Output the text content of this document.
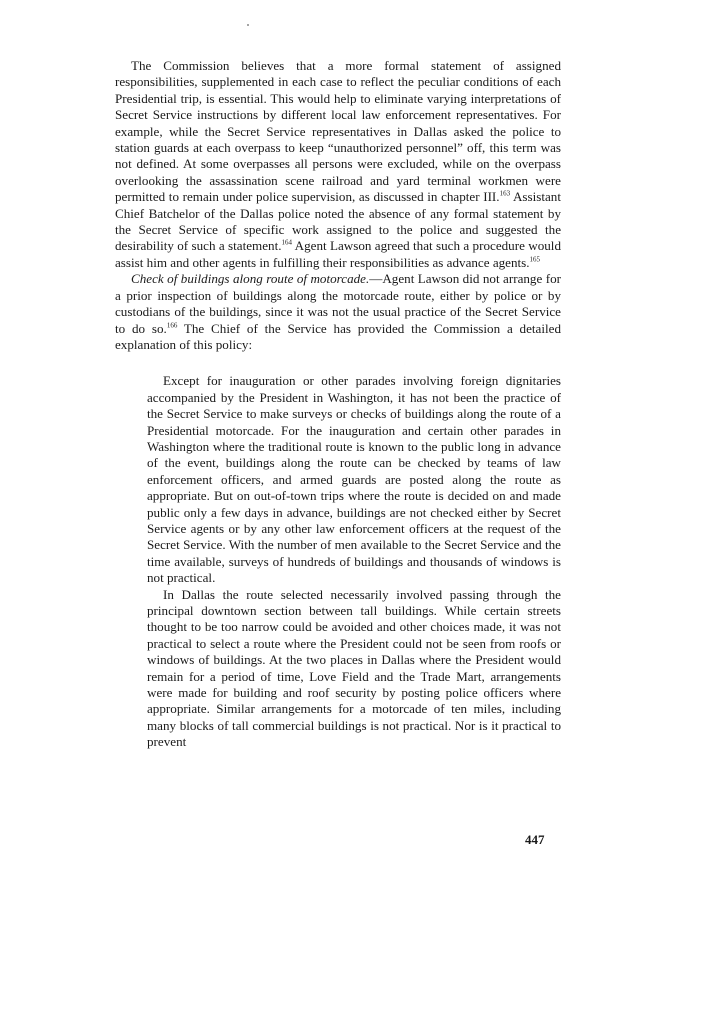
The Commission believes that a more formal statement of assigned responsibilities, supplemented in each case to reflect the peculiar conditions of each Presidential trip, is essential. This would help to eliminate varying interpretations of Secret Service instructions by different local law enforcement representatives. For example, while the Secret Service representatives in Dallas asked the police to station guards at each overpass to keep “unauthorized personnel” off, this term was not defined. At some overpasses all persons were excluded, while on the overpass overlooking the assassination scene railroad and yard terminal workmen were permitted to remain under police supervision, as discussed in chapter III.$^{163}$ Assistant Chief Batchelor of the Dallas police noted the absence of any formal statement by the Secret Service of specific work assigned to the police and suggested the desirability of such a statement.$^{164}$ Agent Lawson agreed that such a procedure would assist him and other agents in fulfilling their responsibilities as advance agents.$^{165}$

Check of buildings along route of motorcade.—Agent Lawson did not arrange for a prior inspection of buildings along the motorcade route, either by police or by custodians of the buildings, since it was not the usual practice of the Secret Service to do so.$^{166}$ The Chief of the Service has provided the Commission a detailed explanation of this policy:

Except for inauguration or other parades involving foreign dignitaries accompanied by the President in Washington, it has not been the practice of the Secret Service to make surveys or checks of buildings along the route of a Presidential motorcade. For the inauguration and certain other parades in Washington where the traditional route is known to the public long in advance of the event, buildings along the route can be checked by teams of law enforcement officers, and armed guards are posted along the route as appropriate. But on out-of-town trips where the route is decided on and made public only a few days in advance, buildings are not checked either by Secret Service agents or by any other law enforcement officers at the request of the Secret Service. With the number of men available to the Secret Service and the time available, surveys of hundreds of buildings and thousands of windows is not practical.

In Dallas the route selected necessarily involved passing through the principal downtown section between tall buildings. While certain streets thought to be too narrow could be avoided and other choices made, it was not practical to select a route where the President could not be seen from roofs or windows of buildings. At the two places in Dallas where the President would remain for a period of time, Love Field and the Trade Mart, arrangements were made for building and roof security by posting police officers where appropriate. Similar arrangements for a motorcade of ten miles, including many blocks of tall commercial buildings is not practical. Nor is it practical to prevent

447
